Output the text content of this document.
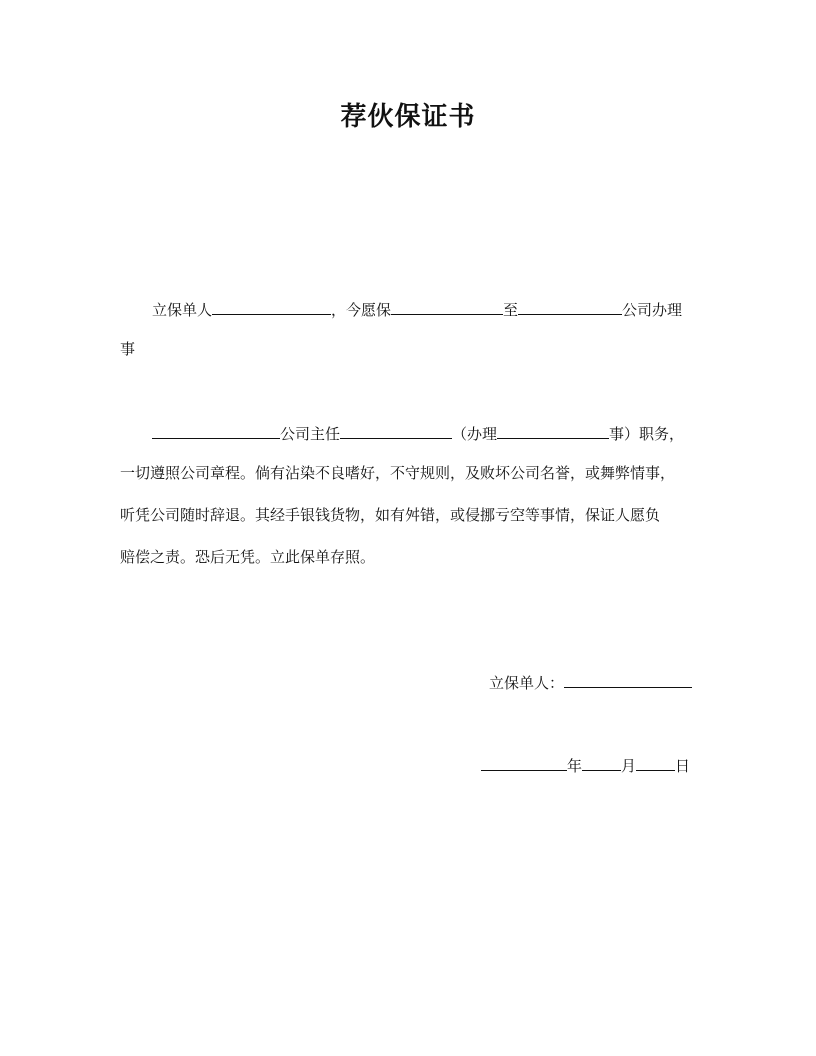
荐伙保证书
立保单人	，今愿保	至	公司办理
事
公司主任	（办理	事）职务，
一切遵照公司章程。倘有沾染不良嗜好，不守规则，及败坏公司名誉，或舞弊情事，
听凭公司随时辞退。其经手银钱货物，如有舛错，或侵挪亏空等事情，保证人愿负
赔偿之责。恐后无凭。立此保单存照。
立保单人：
年	月	日
